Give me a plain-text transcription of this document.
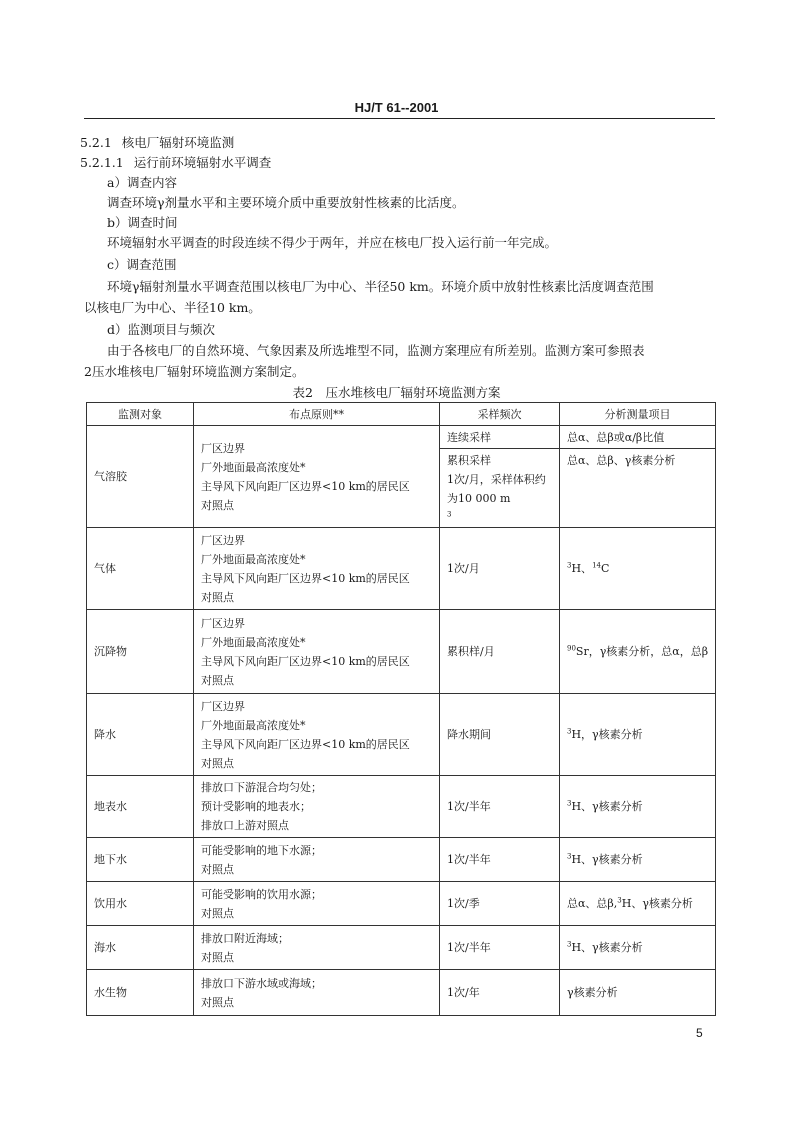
HJ/T 61--2001
5.2.1 核电厂辐射环境监测
5.2.1.1 运行前环境辐射水平调查
a）调查内容
调查环境γ剂量水平和主要环境介质中重要放射性核素的比活度。
b）调查时间
环境辐射水平调查的时段连续不得少于两年，并应在核电厂投入运行前一年完成。
c）调查范围
环境γ辐射剂量水平调查范围以核电厂为中心、半径50 km。环境介质中放射性核素比活度调查范围
以核电厂为中心、半径10 km。
d）监测项目与频次
由于各核电厂的自然环境、气象因素及所选堆型不同，监测方案理应有所差别。监测方案可参照表
2压水堆核电厂辐射环境监测方案制定。
表2　压水堆核电厂辐射环境监测方案
监测对象	布点原则**	采样频次	分析测量项目
气溶胶	厂区边界
厂外地面最高浓度处*
主导风下风向距厂区边界<10 km的居民区
对照点	连续采样	总α、总β或α/β比值

		累积采样
1次/月，采样体积约
为10 000 m
$^3$	总α、总β、γ核素分析
气体	厂区边界
厂外地面最高浓度处*
主导风下风向距厂区边界<10 km的居民区
对照点	1次/月	$^3$H、$^{14}$C
沉降物	厂区边界
厂外地面最高浓度处*
主导风下风向距厂区边界<10 km的居民区
对照点	累积样/月	$^{90}$Sr，γ核素分析，总α，总β
降水	厂区边界
厂外地面最高浓度处*
主导风下风向距厂区边界<10 km的居民区
对照点	降水期间	$^3$H，γ核素分析
地表水	排放口下游混合均匀处；
预计受影响的地表水；
排放口上游对照点	1次/半年	$^3$H、γ核素分析
地下水	可能受影响的地下水源；
对照点	1次/半年	$^3$H、γ核素分析
饮用水	可能受影响的饮用水源；
对照点	1次/季	总α、总β,$^3$H、γ核素分析
海水	排放口附近海域；
对照点	1次/半年	$^3$H、γ核素分析
水生物	排放口下游水域或海域；
对照点	1次/年	γ核素分析
5
